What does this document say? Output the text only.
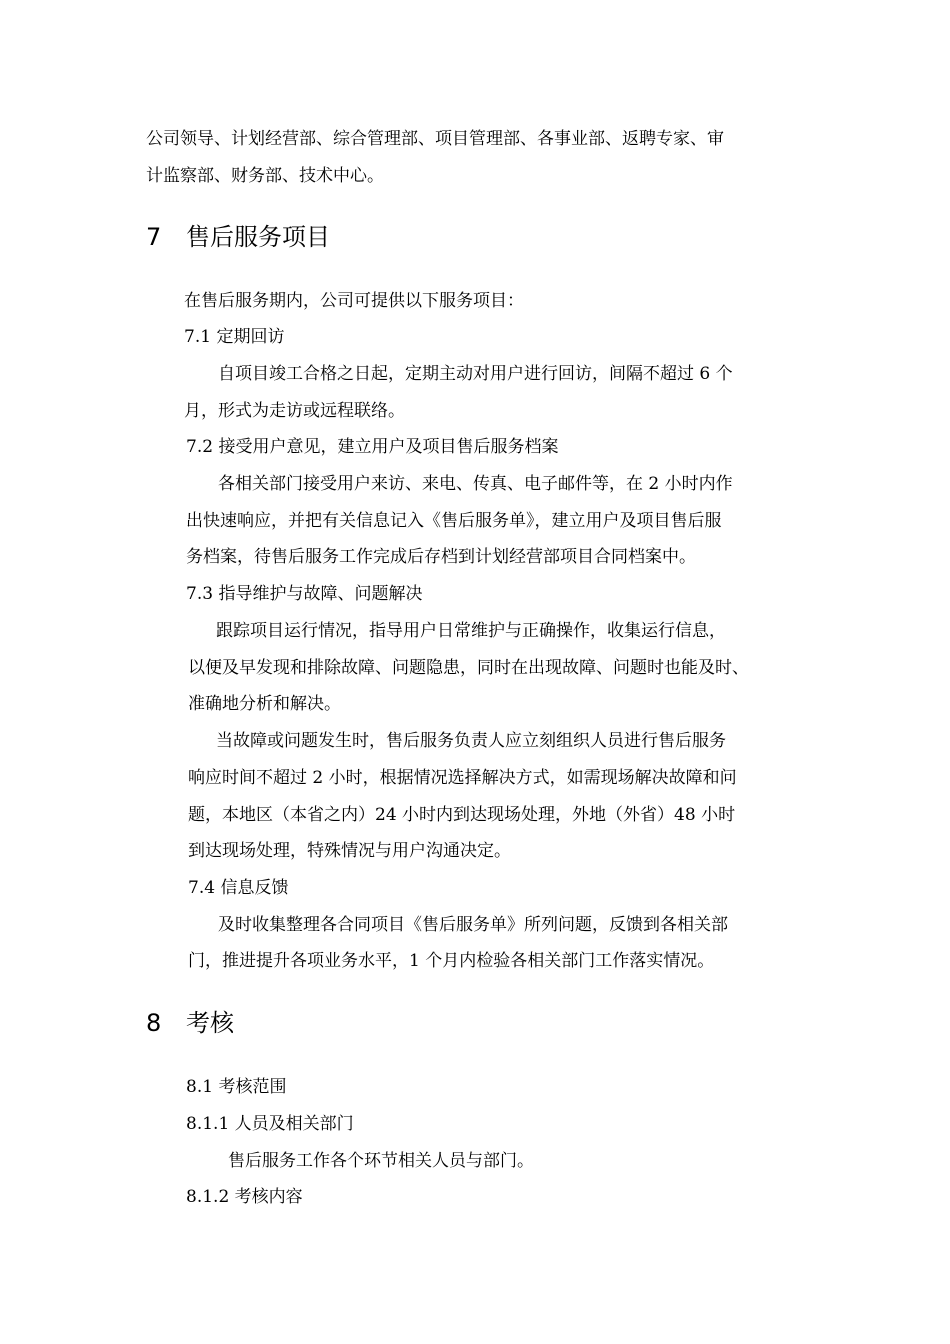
公司领导、计划经营部、综合管理部、项目管理部、各事业部、返聘专家、审

计监察部、财务部、技术中心。

7 售后服务项目

在售后服务期内，公司可提供以下服务项目：

7.1 定期回访

自项目竣工合格之日起，定期主动对用户进行回访，间隔不超过 6 个

月，形式为走访或远程联络。

7.2 接受用户意见，建立用户及项目售后服务档案

各相关部门接受用户来访、来电、传真、电子邮件等，在 2 小时内作

出快速响应，并把有关信息记入《售后服务单》，建立用户及项目售后服

务档案，待售后服务工作完成后存档到计划经营部项目合同档案中。

7.3 指导维护与故障、问题解决

跟踪项目运行情况，指导用户日常维护与正确操作，收集运行信息，

以便及早发现和排除故障、问题隐患，同时在出现故障、问题时也能及时、

准确地分析和解决。

当故障或问题发生时，售后服务负责人应立刻组织人员进行售后服务

响应时间不超过 2 小时，根据情况选择解决方式，如需现场解决故障和问

题，本地区（本省之内）24 小时内到达现场处理，外地（外省）48 小时

到达现场处理，特殊情况与用户沟通决定。

7.4 信息反馈

及时收集整理各合同项目《售后服务单》所列问题，反馈到各相关部

门，推进提升各项业务水平，1 个月内检验各相关部门工作落实情况。

8 考核

8.1 考核范围

8.1.1 人员及相关部门

售后服务工作各个环节相关人员与部门。

8.1.2 考核内容
